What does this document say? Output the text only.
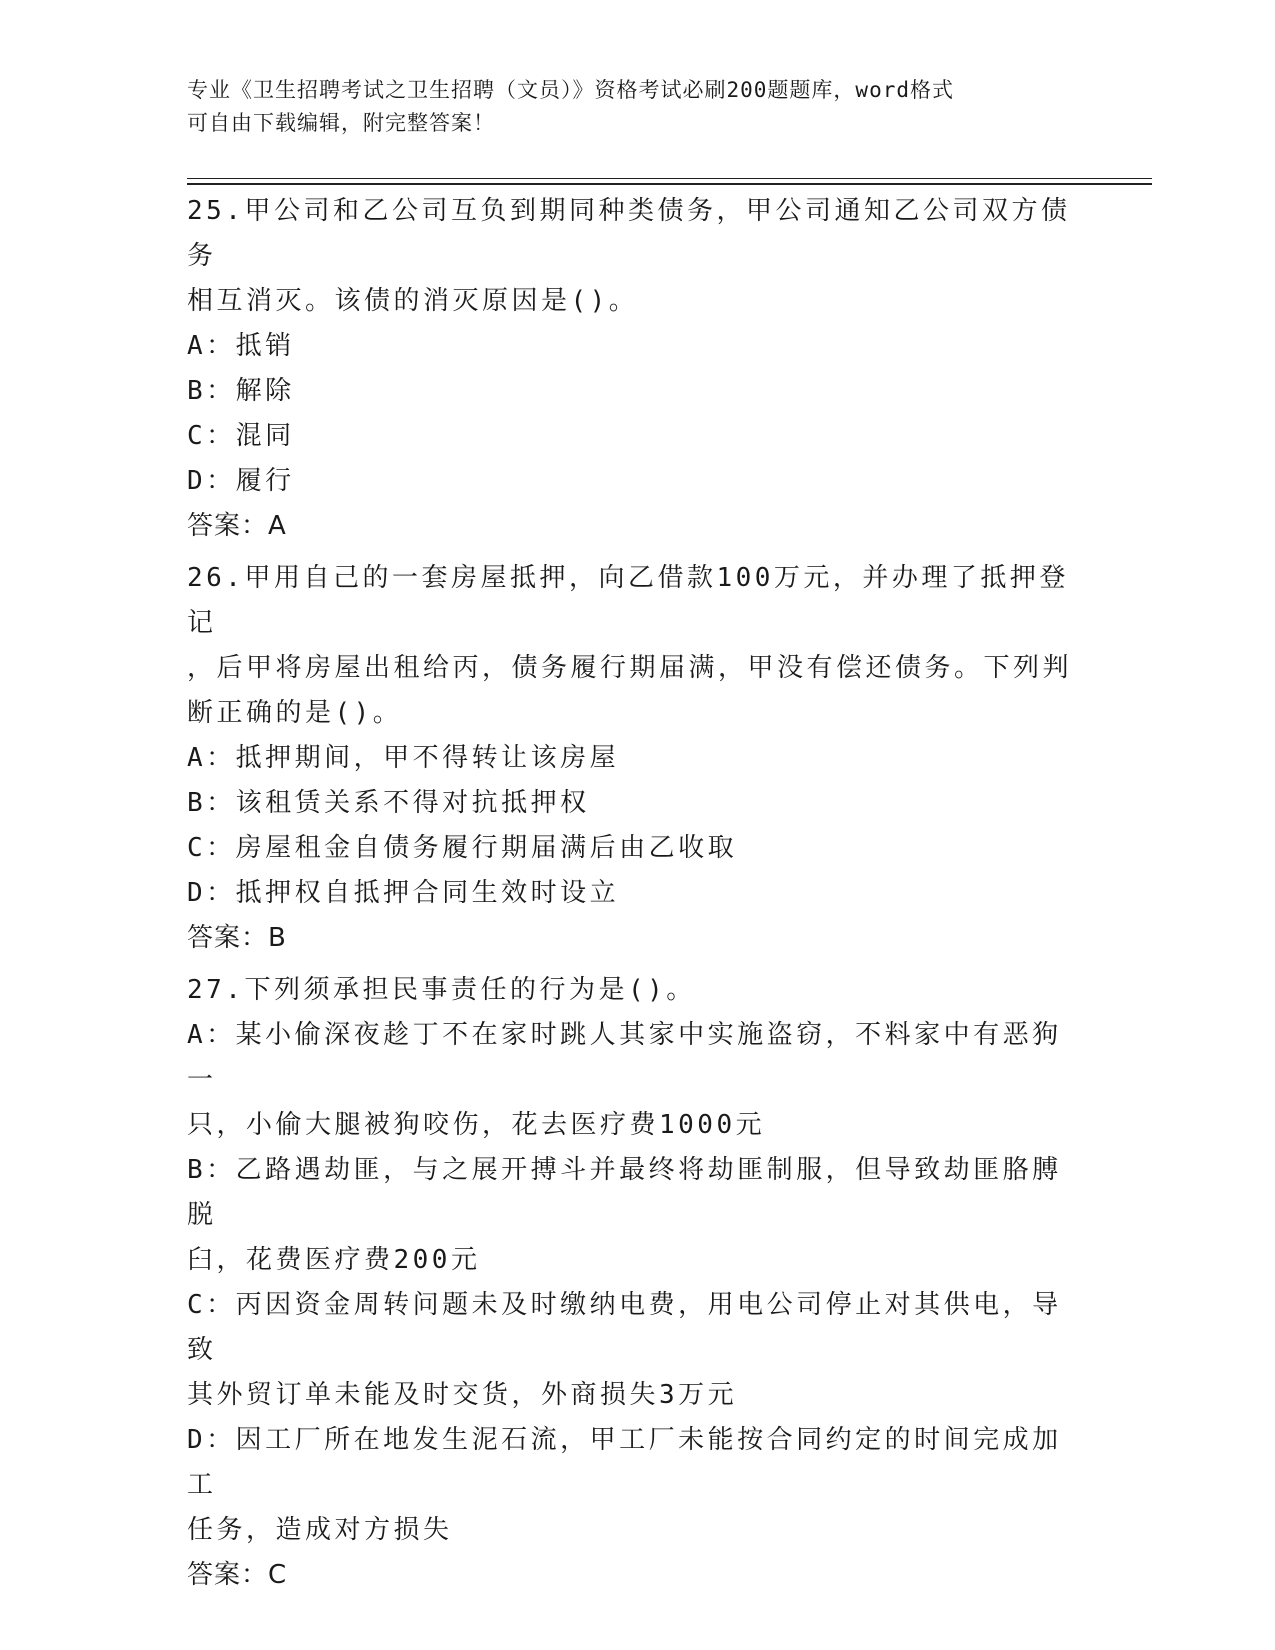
专业《卫生招聘考试之卫生招聘（文员）》资格考试必刷200题题库，word格式
可自由下载编辑，附完整答案！
25.甲公司和乙公司互负到期同种类债务，甲公司通知乙公司双方债务
相互消灭。该债的消灭原因是()。
A：抵销
B：解除
C：混同
D：履行
答案：A
26.甲用自己的一套房屋抵押，向乙借款100万元，并办理了抵押登记
，后甲将房屋出租给丙，债务履行期届满，甲没有偿还债务。下列判
断正确的是()。
A：抵押期间，甲不得转让该房屋
B：该租赁关系不得对抗抵押权
C：房屋租金自债务履行期届满后由乙收取
D：抵押权自抵押合同生效时设立
答案：B
27.下列须承担民事责任的行为是()。
A：某小偷深夜趁丁不在家时跳人其家中实施盗窃，不料家中有恶狗一
只，小偷大腿被狗咬伤，花去医疗费1000元
B：乙路遇劫匪，与之展开搏斗并最终将劫匪制服，但导致劫匪胳膊脱
臼，花费医疗费200元
C：丙因资金周转问题未及时缴纳电费，用电公司停止对其供电，导致
其外贸订单未能及时交货，外商损失3万元
D：因工厂所在地发生泥石流，甲工厂未能按合同约定的时间完成加工
任务，造成对方损失
答案：C
